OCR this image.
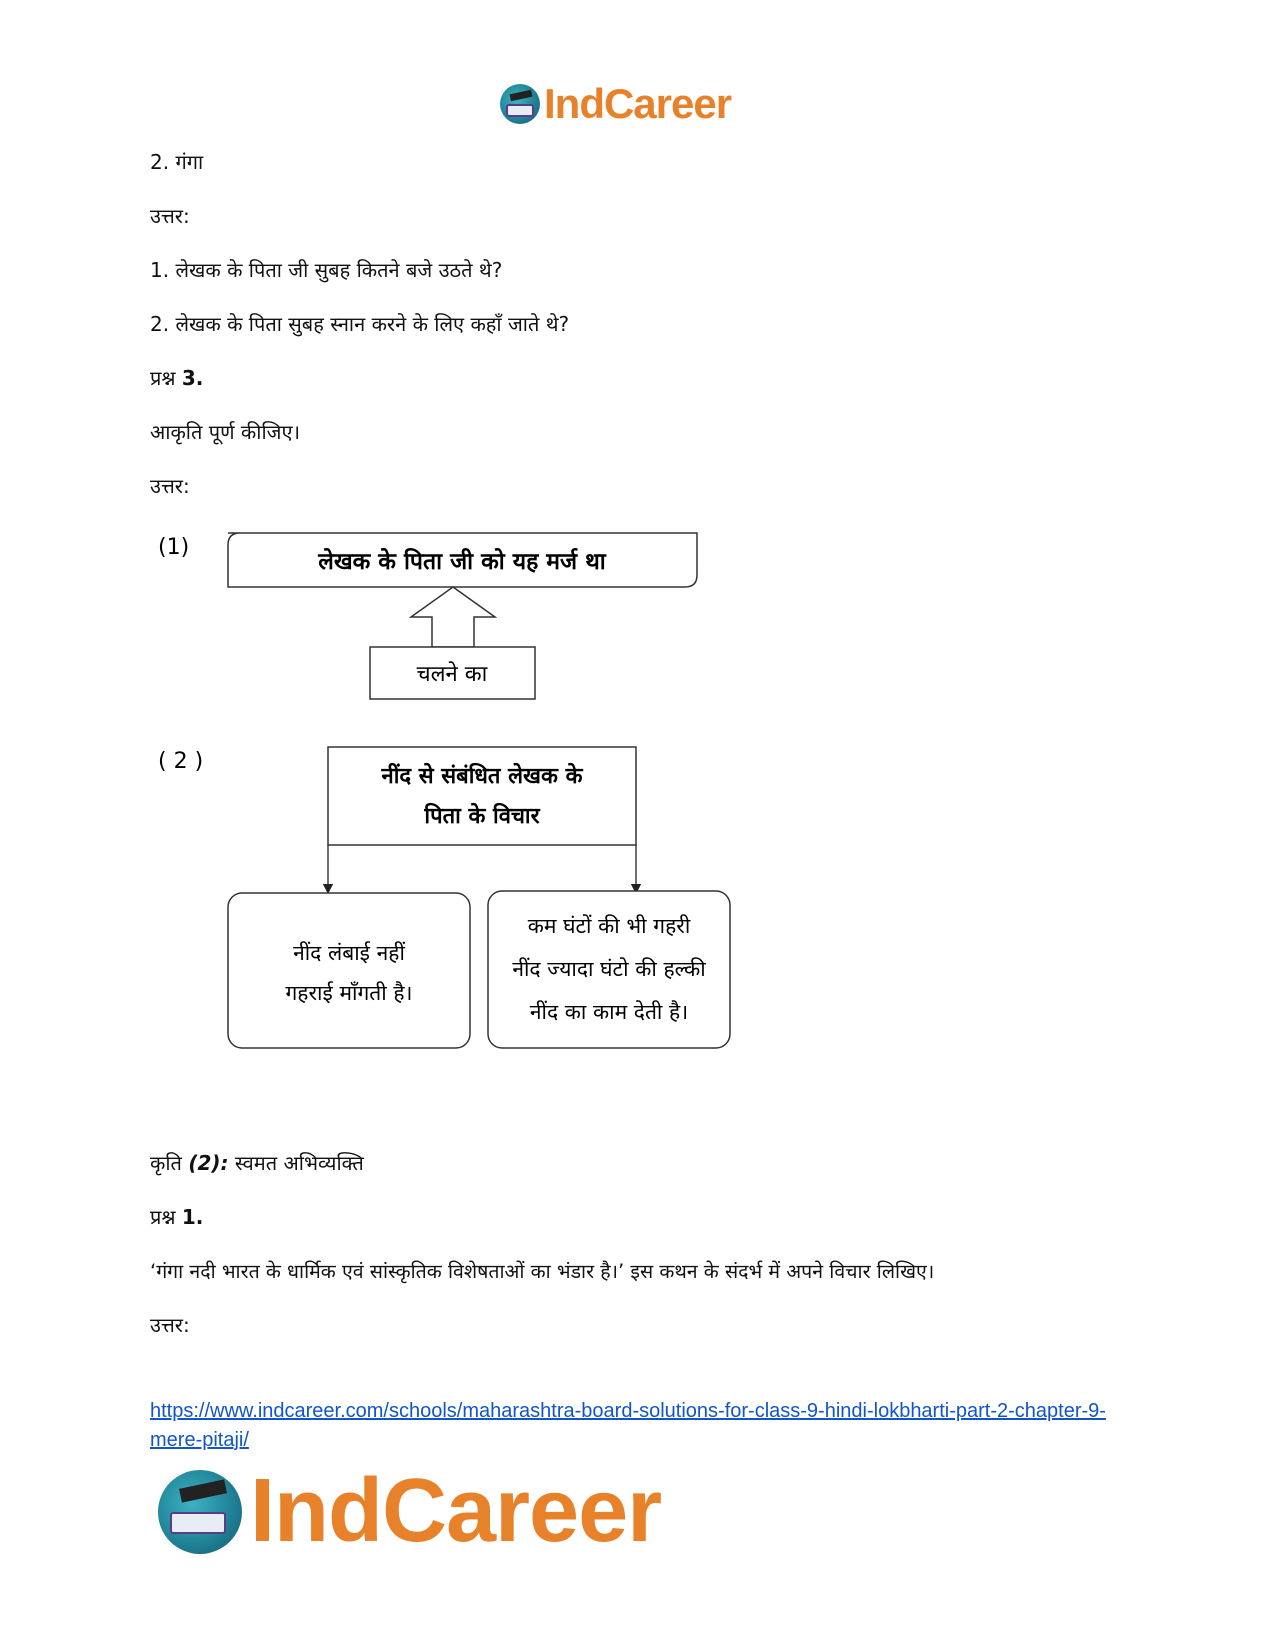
IndCareer
2. गंगा
उत्तर:
1. लेखक के पिता जी सुबह कितने बजे उठते थे?
2. लेखक के पिता सुबह स्नान करने के लिए कहाँ जाते थे?
प्रश्न 3.
आकृति पूर्ण कीजिए।
उत्तर:
(1)
लेखक के पिता जी को यह मर्ज था
चलने का
( 2 )
नींद से संबंधित लेखक के
पिता के विचार
नींद लंबाई नहीं
गहराई माँगती है।
कम घंटों की भी गहरी
नींद ज्यादा घंटो की हल्की
नींद का काम देती है।
कृति (2): स्वमत अभिव्यक्ति
प्रश्न 1.
‘गंगा नदी भारत के धार्मिक एवं सांस्कृतिक विशेषताओं का भंडार है।’ इस कथन के संदर्भ में अपने विचार लिखिए।
उत्तर:
https://www.indcareer.com/schools/maharashtra-board-solutions-for-class-9-hindi-lokbharti-part-2-chapter-9-mere-pitaji/
IndCareer
